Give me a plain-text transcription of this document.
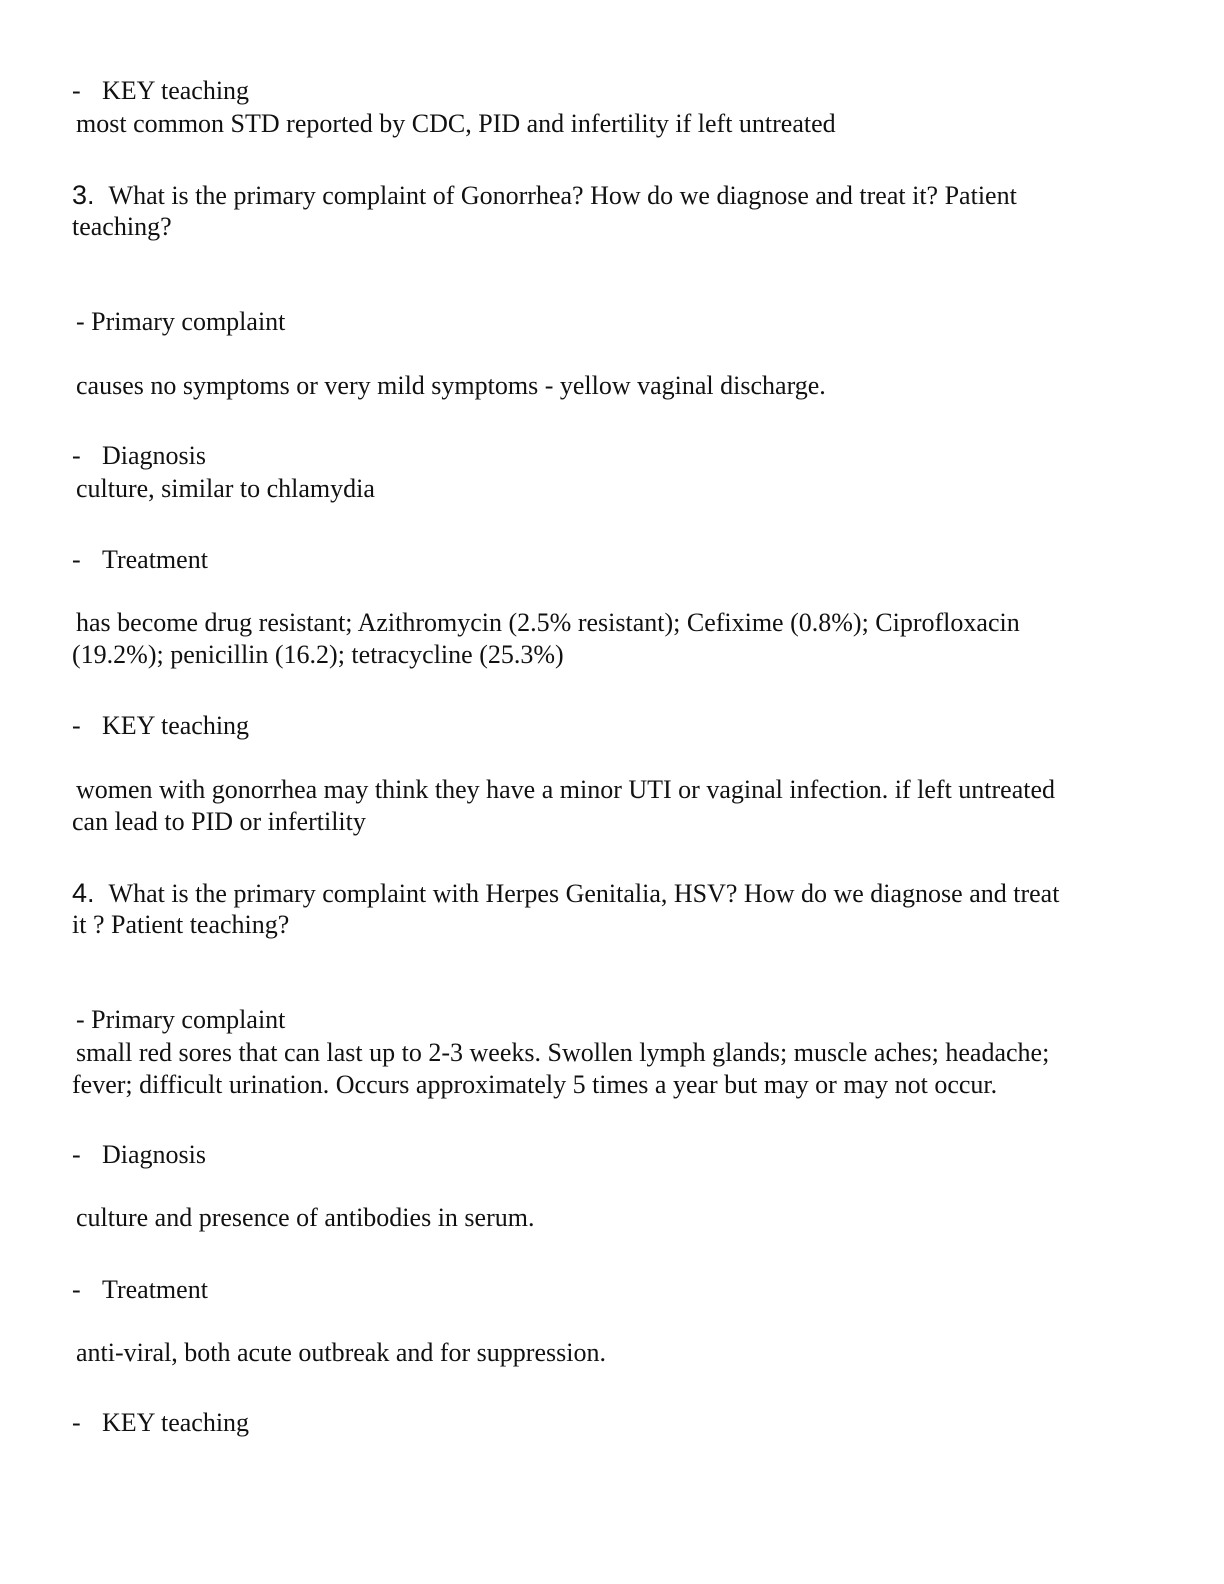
- KEY teaching

most common STD reported by CDC, PID and infertility if left untreated

3. What is the primary complaint of Gonorrhea? How do we diagnose and treat it? Patient

teaching?

- Primary complaint

causes no symptoms or very mild symptoms - yellow vaginal discharge.

- Diagnosis

culture, similar to chlamydia

- Treatment

has become drug resistant; Azithromycin (2.5% resistant); Cefixime (0.8%); Ciprofloxacin

(19.2%); penicillin (16.2); tetracycline (25.3%)

- KEY teaching

women with gonorrhea may think they have a minor UTI or vaginal infection. if left untreated

can lead to PID or infertility

4. What is the primary complaint with Herpes Genitalia, HSV? How do we diagnose and treat

it ? Patient teaching?

- Primary complaint

small red sores that can last up to 2-3 weeks. Swollen lymph glands; muscle aches; headache;

fever; difficult urination. Occurs approximately 5 times a year but may or may not occur.

- Diagnosis

culture and presence of antibodies in serum.

- Treatment

anti-viral, both acute outbreak and for suppression.

- KEY teaching
